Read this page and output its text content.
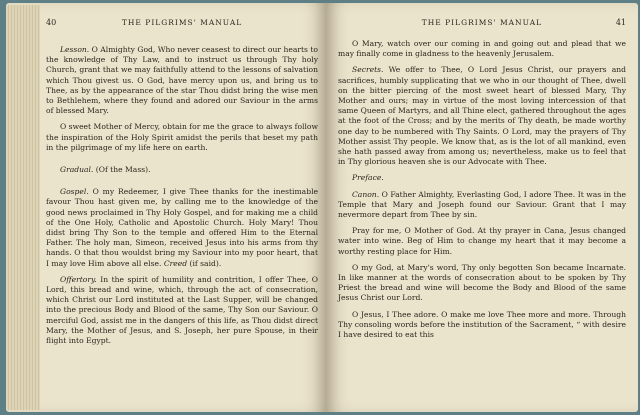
40	THE PILGRIMS' MANUAL

Lesson. O Almighty God, Who never ceasest to direct our hearts to the knowledge of Thy Law, and to instruct us through Thy holy Church, grant that we may faithfully attend to the lessons of salvation which Thou givest us. O God, have mercy upon us, and bring us to Thee, as by the appearance of the star Thou didst bring the wise men to Bethlehem, where they found and adored our Saviour in the arms of blessed Mary.

O sweet Mother of Mercy, obtain for me the grace to always follow the inspiration of the Holy Spirit amidst the perils that beset my path in the pilgrimage of my life here on earth.

Gradual. (Of the Mass).

Gospel. O my Redeemer, I give Thee thanks for the inestimable favour Thou hast given me, by calling me to the knowledge of the good news proclaimed in Thy Holy Gospel, and for making me a child of the One Holy, Catholic and Apostolic Church. Holy Mary! Thou didst bring Thy Son to the temple and offered Him to the Eternal Father. The holy man, Simeon, received Jesus into his arms from thy hands. O that thou wouldst bring my Saviour into my poor heart, that I may love Him above all else. Creed (if said).

Offertory. In the spirit of humility and contrition, I offer Thee, O Lord, this bread and wine, which, through the act of consecration, which Christ our Lord instituted at the Last Supper, will be changed into the precious Body and Blood of the same, Thy Son our Saviour. O merciful God, assist me in the dangers of this life, as Thou didst direct Mary, the Mother of Jesus, and S. Joseph, her pure Spouse, in their flight into Egypt.

THE PILGRIMS' MANUAL	41

O Mary, watch over our coming in and going out and plead that we may finally come in gladness to the heavenly Jerusalem.

Secrets. We offer to Thee, O Lord Jesus Christ, our prayers and sacrifices, humbly supplicating that we who in our thought of Thee, dwell on the bitter piercing of the most sweet heart of blessed Mary, Thy Mother and ours; may in virtue of the most loving intercession of that same Queen of Martyrs, and all Thine elect, gathered throughout the ages at the foot of the Cross; and by the merits of Thy death, be made worthy one day to be numbered with Thy Saints. O Lord, may the prayers of Thy Mother assist Thy people. We know that, as is the lot of all mankind, even she hath passed away from among us; nevertheless, make us to feel that in Thy glorious heaven she is our Advocate with Thee.

Preface.

Canon. O Father Almighty, Everlasting God, I adore Thee. It was in the Temple that Mary and Joseph found our Saviour. Grant that I may nevermore depart from Thee by sin.

Pray for me, O Mother of God. At thy prayer in Cana, Jesus changed water into wine. Beg of Him to change my heart that it may become a worthy resting place for Him.

O my God, at Mary's word, Thy only begotten Son became Incarnate. In like manner at the words of consecration about to be spoken by Thy Priest the bread and wine will become the Body and Blood of the same Jesus Christ our Lord.

O Jesus, I Thee adore. O make me love Thee more and more. Through Thy consoling words before the institution of the Sacrament, “ with desire I have desired to eat this
